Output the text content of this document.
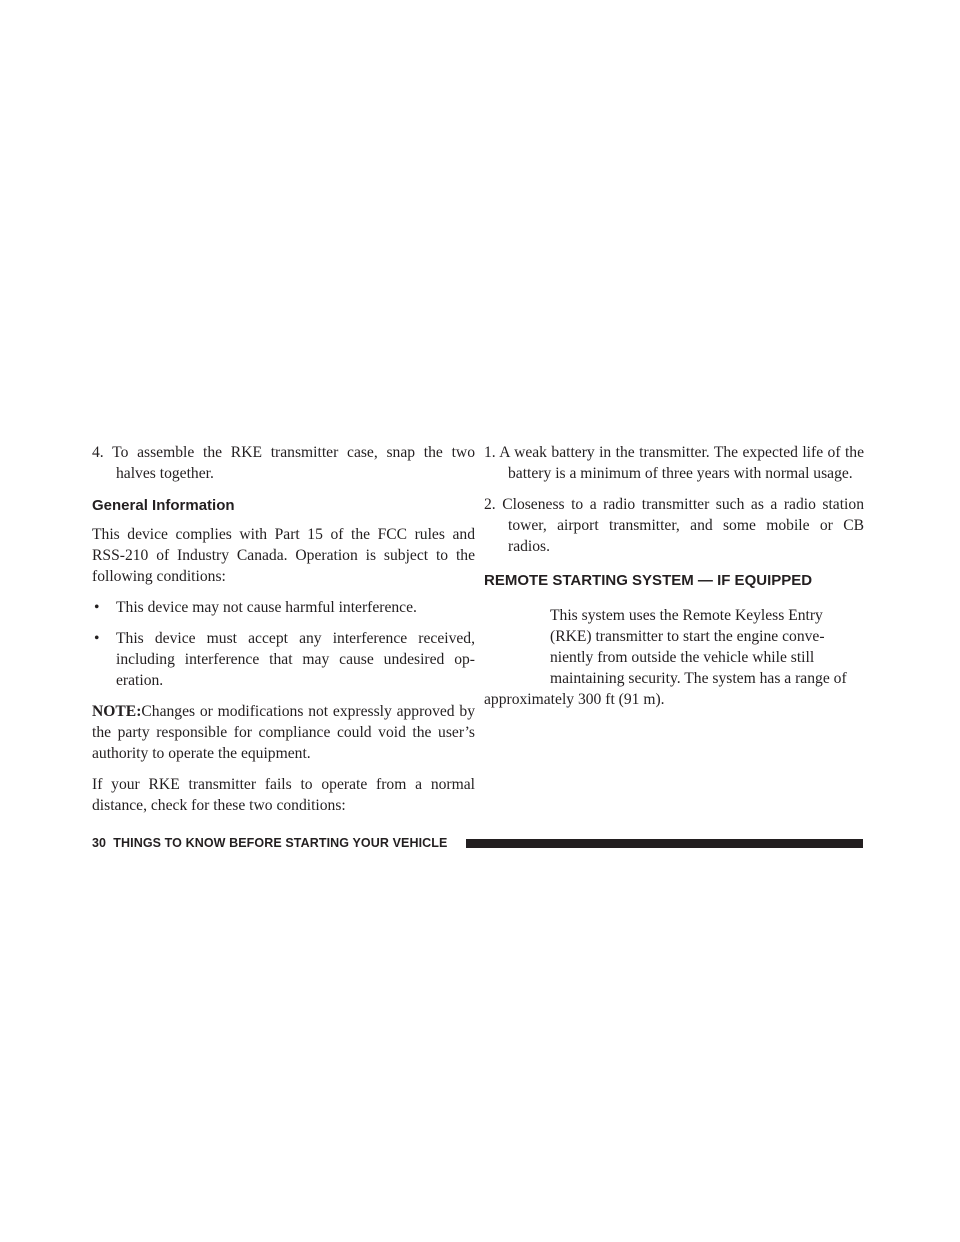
30 THINGS TO KNOW BEFORE STARTING YOUR VEHICLE

4. To assemble the RKE transmitter case, snap the two halves together.

General Information

This device complies with Part 15 of the FCC rules and RSS-210 of Industry Canada. Operation is subject to the following conditions:

• This device may not cause harmful interference.
• This device must accept any interference received, including interference that may cause undesired op-eration.

NOTE:Changes or modifications not expressly approved by the party responsible for compliance could void the user’s authority to operate the equipment.

If your RKE transmitter fails to operate from a normal distance, check for these two conditions:

1. A weak battery in the transmitter. The expected life of the battery is a minimum of three years with normal usage.

2. Closeness to a radio transmitter such as a radio station tower, airport transmitter, and some mobile or CB radios.

REMOTE STARTING SYSTEM — IF EQUIPPED
This system uses the Remote Keyless Entry
(RKE) transmitter to start the engine conve-
niently from outside the vehicle while still
maintaining security. The system has a range of
approximately 300 ft (91 m).
